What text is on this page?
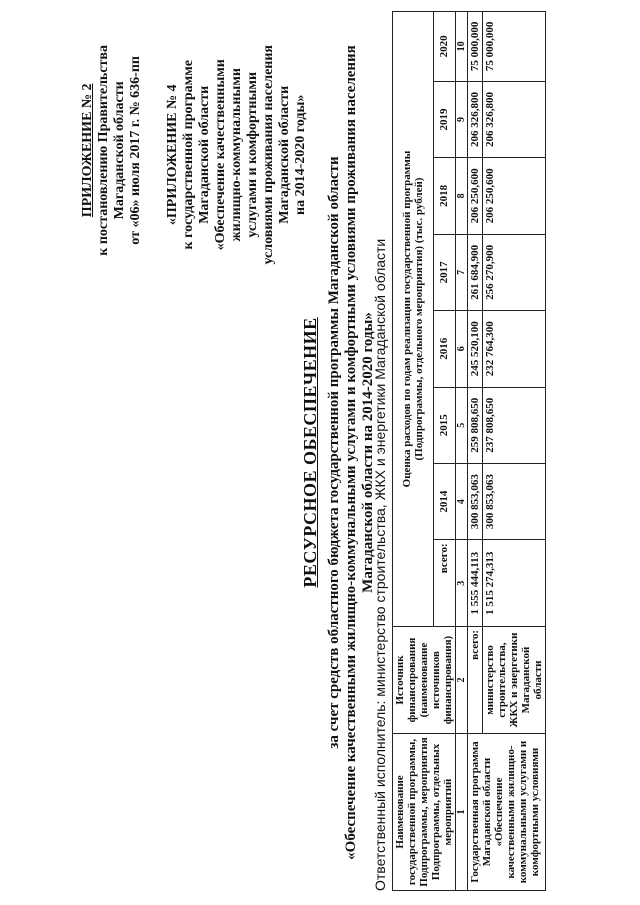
ПРИЛОЖЕНИЕ № 2 к постановлению Правительства Магаданской области от «06» июля 2017 г. № 636-пп «ПРИЛОЖЕНИЕ № 4 к государственной программе Магаданской области «Обеспечение качественными жилищно-коммунальными услугами и комфортными условиями проживания населения Магаданской области на 2014-2020 годы»
РЕСУРСНОЕ ОБЕСПЕЧЕНИЕ за счет средств областного бюджета государственной программы Магаданской области «Обеспечение качественными жилищно-коммунальными услугами и комфортными условиями проживания населения Магаданской области на 2014-2020 годы»
Ответственный исполнитель: министерство строительства, ЖКХ и энергетики Магаданской области Наименование государственной программы, Подпрограммы, мероприятия Подпрограммы, отдельных мероприятий	Источник финансирования (наименование источников финансирования)	Оценка расходов по годам реализации государственной программы (Подпрограммы, отдельного мероприятия) (тыс. рублей)							

		всего:	2014	2015	2016	2017	2018	2019	2020
1	2	3	4	5	6	7	8	9	10
Государственная программа Магаданской области «Обеспечение качественными жилищно-коммунальными услугами и комфортными условиями	всего:	1 555 444,113	300 853,063	259 808,650	245 520,100	261 684,900	206 250,600	206 326,800	75 000,000
	министерство строительства, ЖКХ и энергетики Магаданской области	1 515 274,313	300 853,063	237 808,650	232 764,300	256 270,900	206 250,600	206 326,800	75 000,000
